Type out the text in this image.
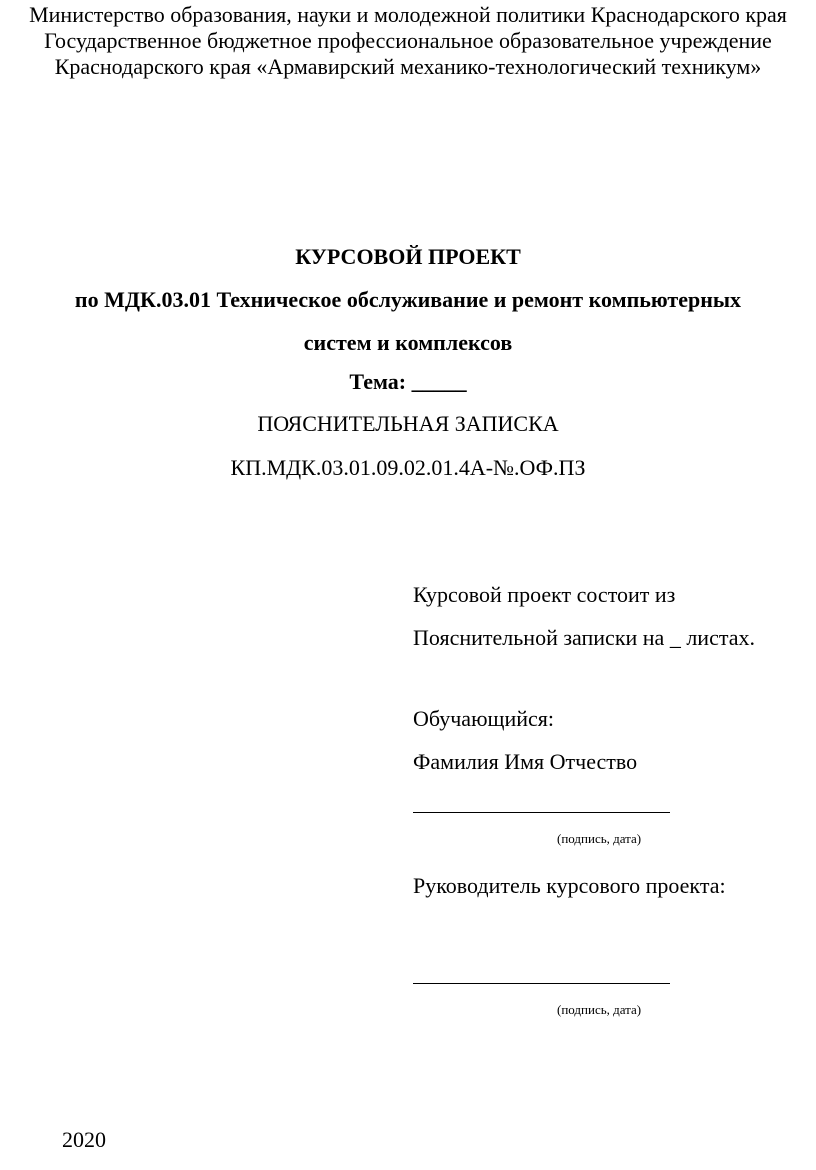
Министерство образования, науки и молодежной политики Краснодарского края
Государственное бюджетное профессиональное образовательное учреждение
Краснодарского края «Армавирский механико-технологический техникум»
КУРСОВОЙ ПРОЕКТ
по МДК.03.01 Техническое обслуживание и ремонт компьютерных
систем и комплексов
Тема: _____
ПОЯСНИТЕЛЬНАЯ ЗАПИСКА
КП.МДК.03.01.09.02.01.4А-№.ОФ.ПЗ
Курсовой проект состоит из
Пояснительной записки на _ листах.
Обучающийся:
Фамилия Имя Отчество
(подпись, дата)
Руководитель курсового проекта:
(подпись, дата)
2020
